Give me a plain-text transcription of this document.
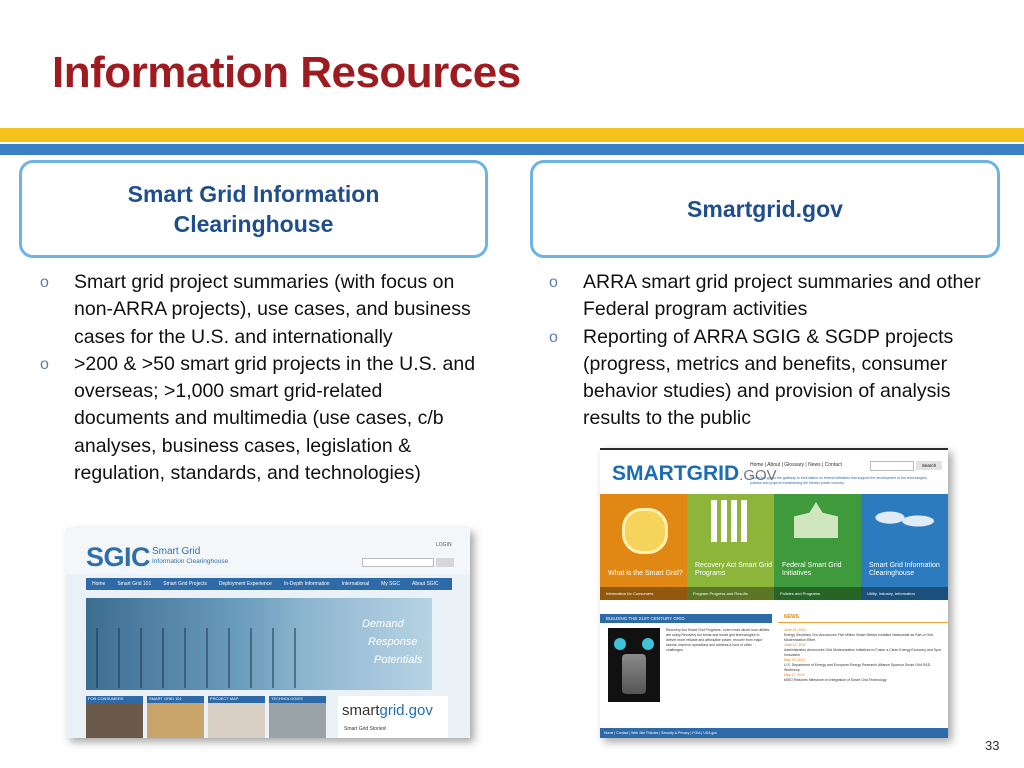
Information Resources
Smart Grid Information Clearinghouse
Smartgrid.gov
o Smart grid project summaries (with focus on non-ARRA projects), use cases, and business cases for the U.S. and internationally
o >200 & >50 smart grid projects in the U.S. and overseas; >1,000 smart grid-related documents and multimedia (use cases, c/b analyses, business cases, legislation & regulation, standards, and technologies)
o ARRA smart grid project summaries and other Federal program activities
o Reporting of ARRA SGIG & SGDP projects (progress, metrics and benefits, consumer behavior studies) and provision of analysis results to the public
SGIC Smart Grid
Information Clearinghouse
LOGIN
Home	Smart Grid 101	Smart Grid Projects	Deployment Experience	In-Depth Information	International	My SGC	About SGIC
Demand
Response
Potentials
FOR CONSUMERS	SMART GRID 101	PROJECT MAP	TECHNOLOGIES
smartgrid.gov
Smart Grid Stories!
SMARTGRID.GOV
Home | About | Glossary | News | Contact	Search
SmartGrid.gov is the gateway to information on federal initiatives that support the development of the technologies, policies and projects transforming the electric power industry.
What is the Smart Grid?
Information for Consumers
Recovery Act Smart Grid Programs
Program Progress and Results
Federal Smart Grid Initiatives
Policies and Programs
Smart Grid Information Clearinghouse
Utility, Industry, Information
BUILDING THE 21ST CENTURY GRID
Recovery Act Smart Grid Programs. Learn more about how utilities are using Recovery Act funds and smart grid technologies to deliver more reliable and affordable power, recover from major storms, improve operations and address a host of other challenges.
NEWS
June 13, 2011
Energy Secretary Chu Announces Five Million Smart Meters Installed Nationwide as Part of Grid Modernization Effort
June 13, 2011
Administration Announces Grid Modernization Initiatives to Foster a Clean Energy Economy and Spur Innovation
May 23, 2011
U.S. Department of Energy and European Energy Research Alliance Sponsor Smart Grid R&D Workshop
May 17, 2011
MISO Reaches Milestone on Integration of Smart Grid Technology
Home | Contact | Web Site Policies | Security & Privacy | FOIA | USA.gov
33
